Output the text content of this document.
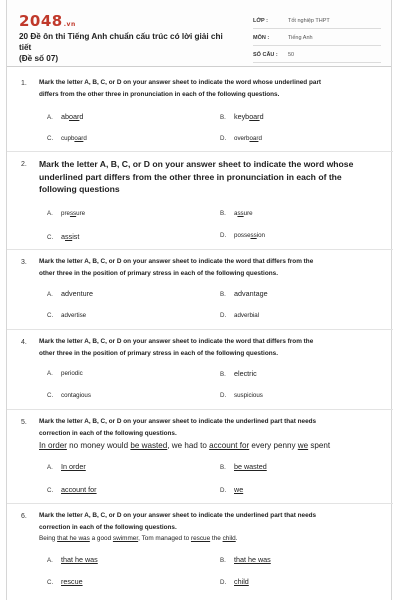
2048.vn
20 Đề ôn thi Tiếng Anh chuẩn cấu trúc có lời giải chi tiết
(Đề số 07)
LỚP :	Tốt nghiệp THPT
MÔN :	Tiếng Anh
SỐ CÂU :	50
1. Mark the letter A, B, C, or D on your answer sheet to indicate the word whose underlined part
differs from the other three in pronunciation in each of the following questions.
A.	aboard	B.	keyboard
C.	cupboard	D.	overboard
2. Mark the letter A, B, C, or D on your answer sheet to indicate the word whose
underlined part differs from the other three in pronunciation in each of the
following questions
A.	pressure	B.	assure
C.	assist	D.	possession
3. Mark the letter A, B, C, or D on your answer sheet to indicate the word that differs from the
other three in the position of primary stress in each of the following questions.
A.	adventure	B.	advantage
C.	advertise	D.	adverbial
4. Mark the letter A, B, C, or D on your answer sheet to indicate the word that differs from the
other three in the position of primary stress in each of the following questions.
A.	periodic	B.	electric
C.	contagious	D.	suspicious
5. Mark the letter A, B, C, or D on your answer sheet to indicate the underlined part that needs
correction in each of the following questions.
In order no money would be wasted, we had to account for every penny we spent
A.	In order	B.	be wasted
C.	account for	D.	we
6. Mark the letter A, B, C, or D on your answer sheet to indicate the underlined part that needs
correction in each of the following questions.
Being that he was a good swimmer, Tom managed to rescue the child.
A.	that he was	B.	that he was
C.	rescue	D.	child
